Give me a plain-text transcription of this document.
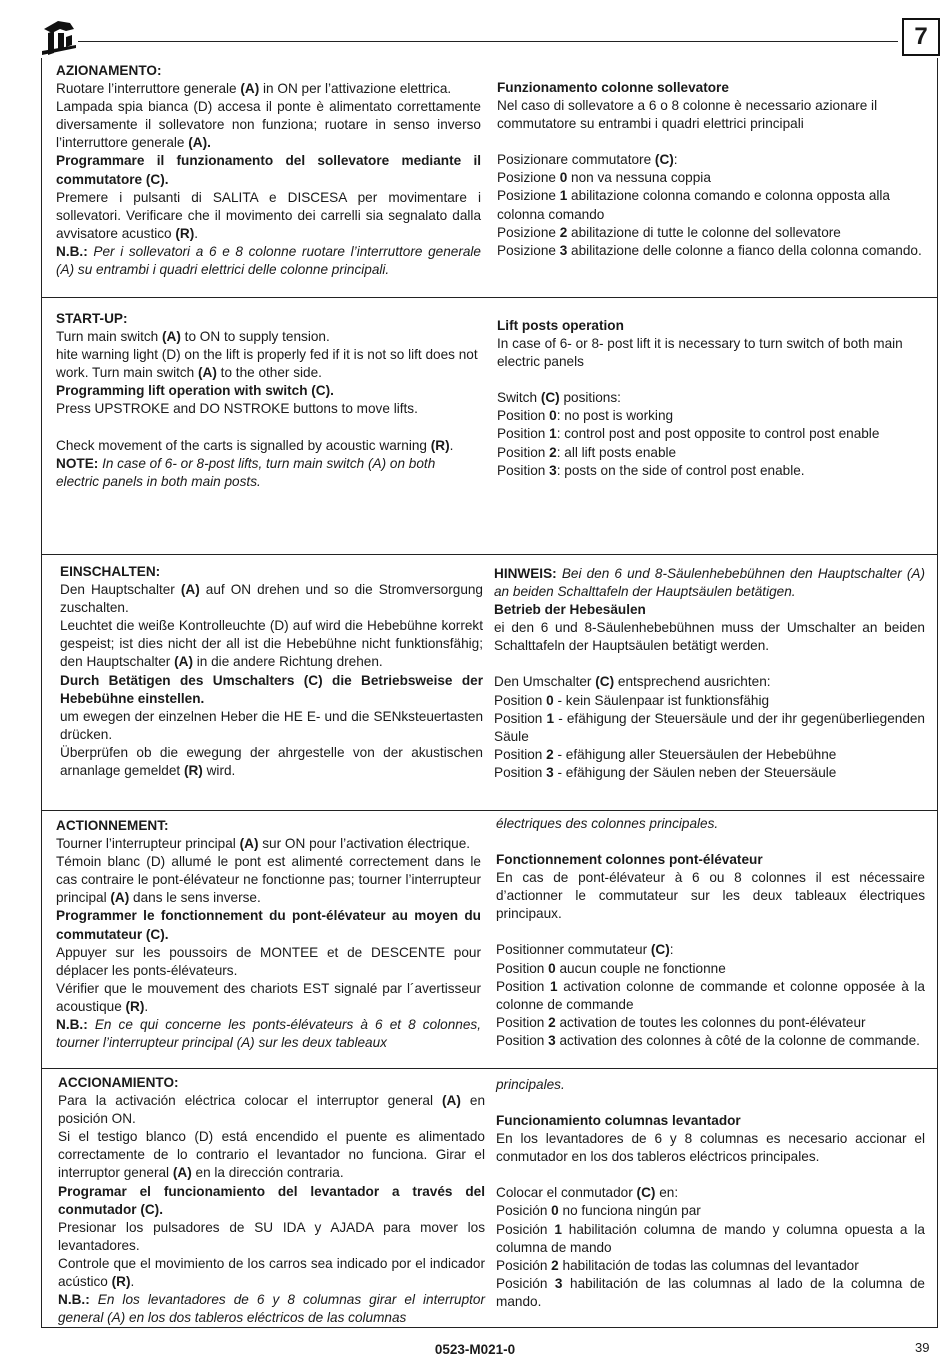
7

AZIONAMENTO:

Ruotare l’interruttore generale (A) in ON per l’attivazione elettrica.

Lampada spia bianca (D) accesa il ponte è alimentato correttamente diversamente il sollevatore non funziona; ruotare in senso inverso l’interruttore generale (A).

Programmare il funzionamento del sollevatore mediante il commutatore (C).

Premere i pulsanti di SALITA e DISCESA per movimentare i sollevatori. Verificare che il movimento dei carrelli sia segnalato dalla avvisatore acustico (R).

N.B.: Per i sollevatori a 6 e 8 colonne ruotare l’interruttore generale (A) su entrambi i quadri elettrici delle colonne principali.

Funzionamento colonne sollevatore

Nel caso di sollevatore a 6 o 8 colonne è necessario azionare il commutatore su entrambi i quadri elettrici principali

Posizionare commutatore (C):

Posizione 0 non va nessuna coppia

Posizione 1 abilitazione colonna comando e colonna opposta alla colonna comando

Posizione 2 abilitazione di tutte le colonne del sollevatore

Posizione 3 abilitazione delle colonne a fianco della colonna comando.

START-UP:

Turn main switch (A) to ON to supply tension.

hite warning light (D) on the lift is properly fed if it is not so lift does not work. Turn main switch (A) to the other side.

Programming lift operation with switch (C).

Press UPSTROKE and DO NSTROKE buttons to move lifts.

Check movement of the carts is signalled by acoustic warning (R).

NOTE: In case of 6- or 8-post lifts, turn main switch (A) on both electric panels in both main posts.

Lift posts operation

In case of 6- or 8- post lift it is necessary to turn switch of both main electric panels

Switch (C) positions:

Position 0: no post is working

Position 1: control post and post opposite to control post enable

Position 2: all lift posts enable

Position 3: posts on the side of control post enable.

EINSCHALTEN:

Den Hauptschalter (A) auf ON drehen und so die Stromversorgung zuschalten.

Leuchtet die weiße Kontrolleuchte (D) auf wird die Hebebühne korrekt gespeist; ist dies nicht der all ist die Hebebühne nicht funktionsfähig; den Hauptschalter (A) in die andere Richtung drehen.

Durch Betätigen des Umschalters (C) die Betriebsweise der Hebebühne einstellen.

um ewegen der einzelnen Heber die HE E- und die SENksteuertasten drücken.

Überprüfen ob die ewegung der ahrgestelle von der akustischen arnanlage gemeldet (R) wird.

HINWEIS: Bei den 6 und 8-Säulenhebebühnen den Hauptschalter (A) an beiden Schalttafeln der Hauptsäulen betätigen.

Betrieb der Hebesäulen

ei den 6 und 8-Säulenhebebühnen muss der Umschalter an beiden Schalttafeln der Hauptsäulen betätigt werden.

Den Umschalter (C) entsprechend ausrichten:

Position 0 - kein Säulenpaar ist funktionsfähig

Position 1 - efähigung der Steuersäule und der ihr gegenüberliegenden Säule

Position 2 - efähigung aller Steuersäulen der Hebebühne

Position 3 - efähigung der Säulen neben der Steuersäule

ACTIONNEMENT:

Tourner l’interrupteur principal (A) sur ON pour l’activation électrique.

Témoin blanc (D) allumé le pont est alimenté correctement dans le cas contraire le pont-élévateur ne fonctionne pas; tourner l’interrupteur principal (A) dans le sens inverse.

Programmer le fonctionnement du pont-élévateur au moyen du commutateur (C).

Appuyer sur les poussoirs de MONTEE et de DESCENTE pour déplacer les ponts-élévateurs.

Vérifier que le mouvement des chariots EST signalé par l´avertisseur acoustique (R).

N.B.: En ce qui concerne les ponts-élévateurs à 6 et 8 colonnes, tourner l’interrupteur principal (A) sur les deux tableaux

électriques des colonnes principales.

Fonctionnement colonnes pont-élévateur

En cas de pont-élévateur à 6 ou 8 colonnes il est nécessaire d’actionner le commutateur sur les deux tableaux électriques principaux.

Positionner commutateur (C):

Position 0 aucun couple ne fonctionne

Position 1 activation colonne de commande et colonne opposée à la colonne de commande

Position 2 activation de toutes les colonnes du pont-élévateur

Position 3 activation des colonnes à côté de la colonne de commande.

ACCIONAMIENTO:

Para la activación eléctrica colocar el interruptor general (A) en posición ON.

Si el testigo blanco (D) está encendido el puente es alimentado correctamente de lo contrario el levantador no funciona. Girar el interruptor general (A) en la dirección contraria.

Programar el funcionamiento del levantador a través del conmutador (C).

Presionar los pulsadores de SU IDA y AJADA para mover los levantadores.

Controle que el movimiento de los carros sea indicado por el indicador acústico (R).

N.B.: En los levantadores de 6 y 8 columnas girar el interruptor general (A) en los dos tableros eléctricos de las columnas

principales.

Funcionamiento columnas levantador

En los levantadores de 6 y 8 columnas es necesario accionar el conmutador en los dos tableros eléctricos principales.

Colocar el conmutador (C) en:

Posición 0 no funciona ningún par

Posición 1 habilitación columna de mando y columna opuesta a la columna de mando

Posición 2 habilitación de todas las columnas del levantador

Posición 3 habilitación de las columnas al lado de la columna de mando.

0523-M021-0	39
